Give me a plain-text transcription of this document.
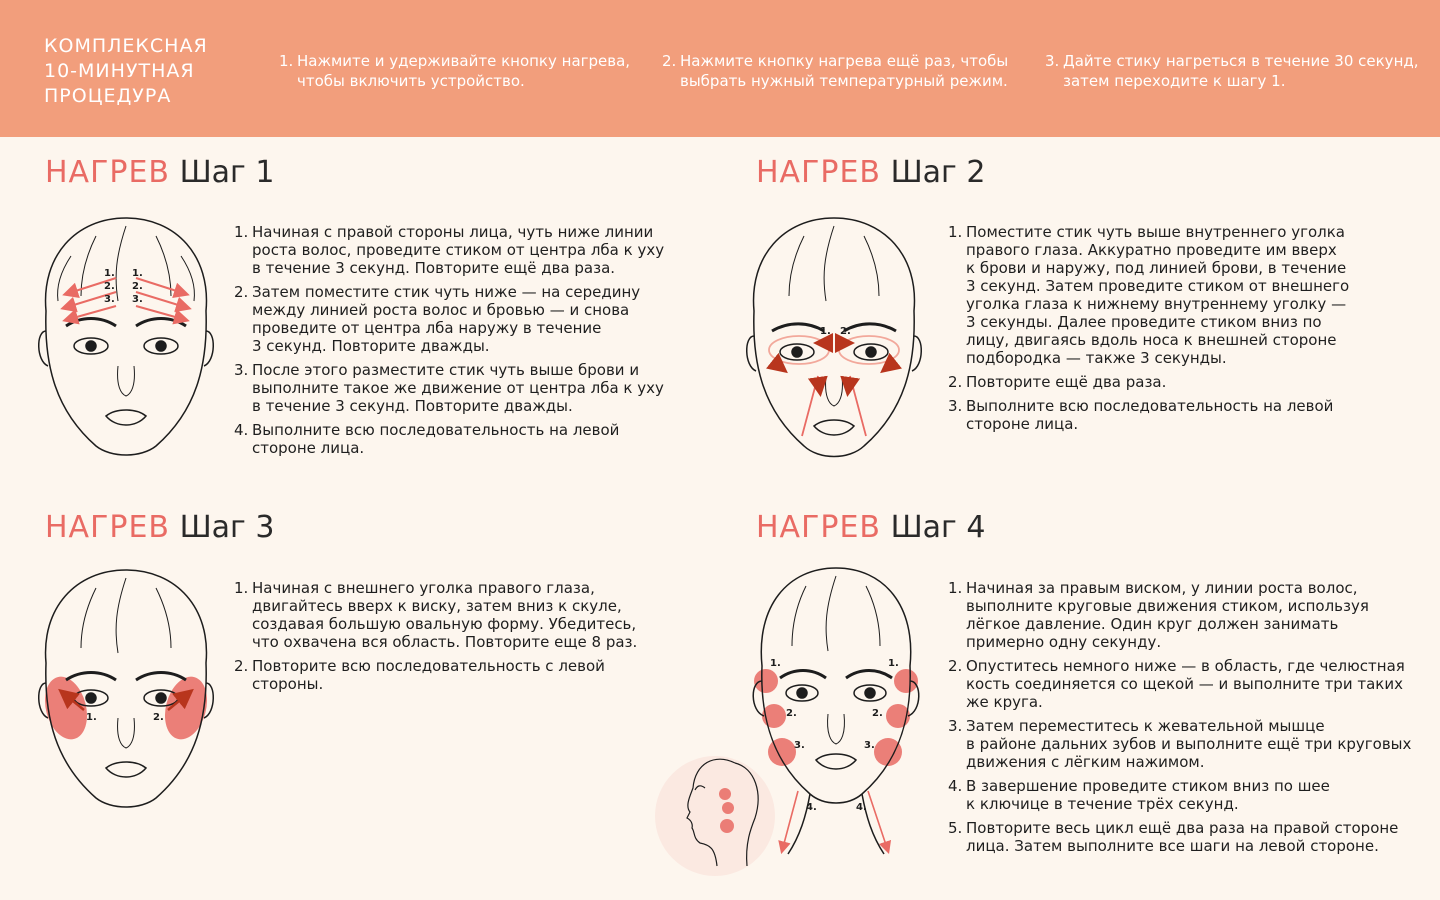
КОМПЛЕКСНАЯ
10-МИНУТНАЯ
ПРОЦЕДУРА
1. Нажмите и удерживайте кнопку нагрева,
чтобы включить устройство.
2. Нажмите кнопку нагрева ещё раз, чтобы
выбрать нужный температурный режим.
3. Дайте стику нагреться в течение 30 секунд,
затем переходите к шагу 1.
НАГРЕВ Шаг 1	НАГРЕВ Шаг 2
НАГРЕВ Шаг 3	НАГРЕВ Шаг 4
1. Начиная с правой стороны лица, чуть ниже линии
роста волос, проведите стиком от центра лба к уху
в течение 3 секунд. Повторите ещё два раза.
2. Затем поместите стик чуть ниже — на середину
между линией роста волос и бровью — и снова
проведите от центра лба наружу в течение
3 секунд. Повторите дважды.
3. После этого разместите стик чуть выше брови и
выполните такое же движение от центра лба к уху
в течение 3 секунд. Повторите дважды.
4. Выполните всю последовательность на левой
стороне лица.
1. Поместите стик чуть выше внутреннего уголка
правого глаза. Аккуратно проведите им вверх
к брови и наружу, под линией брови, в течение
3 секунд. Затем проведите стиком от внешнего
уголка глаза к нижнему внутреннему уголку —
3 секунды. Далее проведите стиком вниз по
лицу, двигаясь вдоль носа к внешней стороне
подбородка — также 3 секунды.
2. Повторите ещё два раза.
3. Выполните всю последовательность на левой
стороне лица.
1. Начиная с внешнего уголка правого глаза,
двигайтесь вверх к виску, затем вниз к скуле,
создавая большую овальную форму. Убедитесь,
что охвачена вся область. Повторите еще 8 раз.
2. Повторите всю последовательность с левой
стороны.
1. Начиная за правым виском, у линии роста волос,
выполните круговые движения стиком, используя
лёгкое давление. Один круг должен занимать
примерно одну секунду.
2. Опуститесь немного ниже — в область, где челюстная
кость соединяется со щекой — и выполните три таких
же круга.
3. Затем переместитесь к жевательной мышце
в районе дальних зубов и выполните ещё три круговых
движения с лёгким нажимом.
4. В завершение проведите стиком вниз по шее
к ключице в течение трёх секунд.
5. Повторите весь цикл ещё два раза на правой стороне
лица. Затем выполните все шаги на левой стороне.
1.
2.
3.
1.
2.
3.
1. 2.
1.	2.
1.
2.
3.
4.
1.
2.
3.
4.
